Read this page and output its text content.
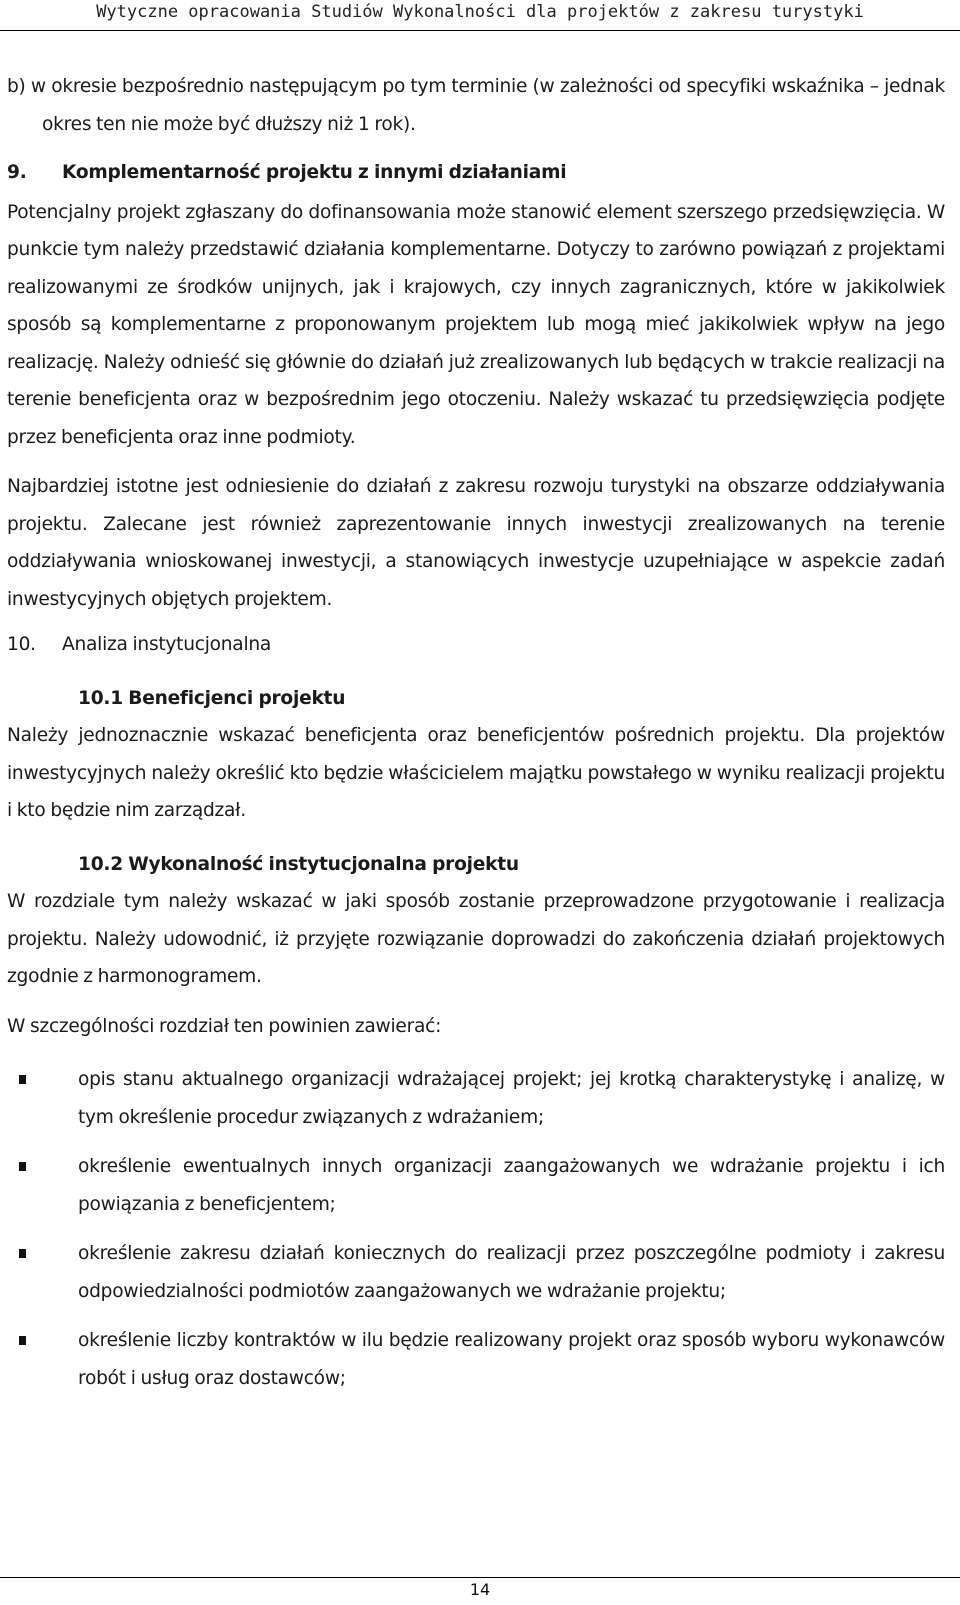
Wytyczne opracowania Studiów Wykonalności dla projektów z zakresu turystyki

b) w okresie bezpośrednio następującym po tym terminie (w zależności od specyfiki wskaźnika – jednak okres ten nie może być dłuższy niż 1 rok).

9. Komplementarność projektu z innymi działaniami

Potencjalny projekt zgłaszany do dofinansowania może stanowić element szerszego przedsięwzięcia. W punkcie tym należy przedstawić działania komplementarne. Dotyczy to zarówno powiązań z projektami realizowanymi ze środków unijnych, jak i krajowych, czy innych zagranicznych, które w jakikolwiek sposób są komplementarne z proponowanym projektem lub mogą mieć jakikolwiek wpływ na jego realizację. Należy odnieść się głównie do działań już zrealizowanych lub będących w trakcie realizacji na terenie beneficjenta oraz w bezpośrednim jego otoczeniu. Należy wskazać tu przedsięwzięcia podjęte przez beneficjenta oraz inne podmioty.

Najbardziej istotne jest odniesienie do działań z zakresu rozwoju turystyki na obszarze oddziaływania projektu. Zalecane jest również zaprezentowanie innych inwestycji zrealizowanych na terenie oddziaływania wnioskowanej inwestycji, a stanowiących inwestycje uzupełniające w aspekcie zadań inwestycyjnych objętych projektem.

10. Analiza instytucjonalna

10.1 Beneficjenci projektu

Należy jednoznacznie wskazać beneficjenta oraz beneficjentów pośrednich projektu. Dla projektów inwestycyjnych należy określić kto będzie właścicielem majątku powstałego w wyniku realizacji projektu i kto będzie nim zarządzał.

10.2 Wykonalność instytucjonalna projektu

W rozdziale tym należy wskazać w jaki sposób zostanie przeprowadzone przygotowanie i realizacja projektu. Należy udowodnić, iż przyjęte rozwiązanie doprowadzi do zakończenia działań projektowych zgodnie z harmonogramem.

W szczególności rozdział ten powinien zawierać:

opis stanu aktualnego organizacji wdrażającej projekt; jej krotką charakterystykę i analizę, w tym określenie procedur związanych z wdrażaniem;

określenie ewentualnych innych organizacji zaangażowanych we wdrażanie projektu i ich powiązania z beneficjentem;

określenie zakresu działań koniecznych do realizacji przez poszczególne podmioty i zakresu odpowiedzialności podmiotów zaangażowanych we wdrażanie projektu;

określenie liczby kontraktów w ilu będzie realizowany projekt oraz sposób wyboru wykonawców robót i usług oraz dostawców;

14
